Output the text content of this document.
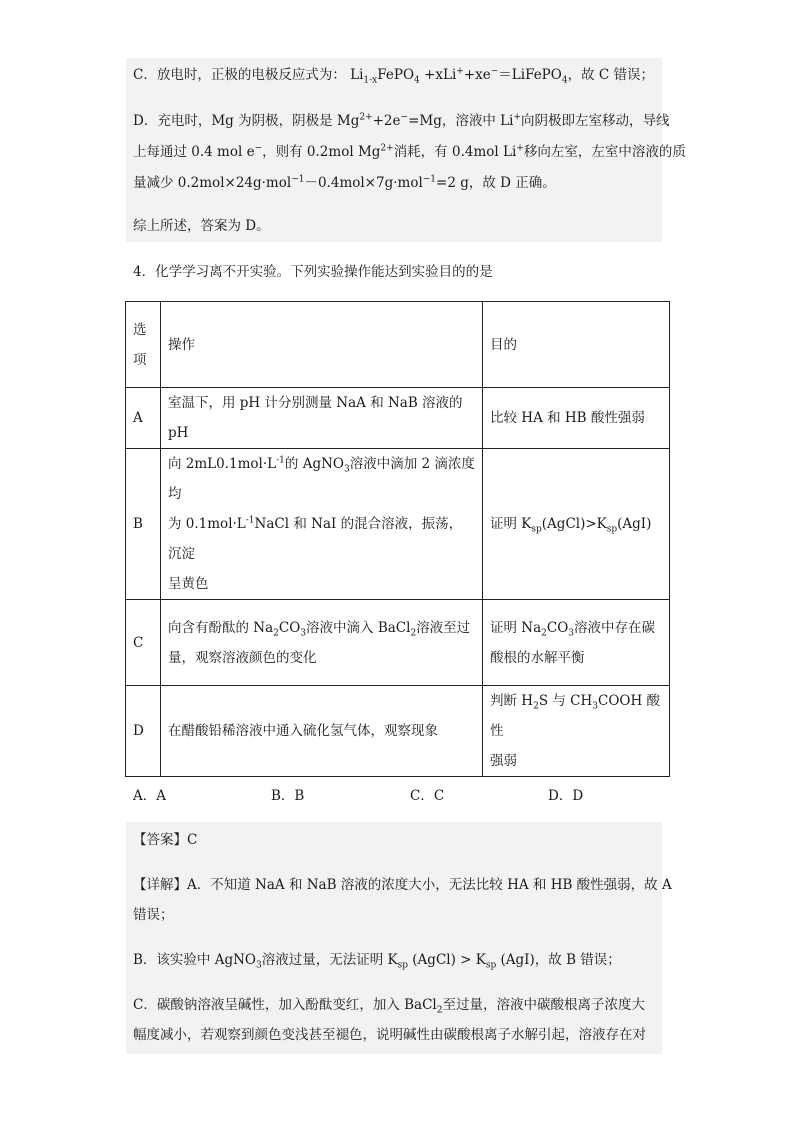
C．放电时，正极的电极反应式为： $Li_{1-x}FePO_4$ +xLi++xe−＝LiFePO$_4$，故 C 错误；
D．充电时，Mg 为阴极，阴极是 $Mg^{2+}+2e^-=Mg$，溶液中 Li+向阴极即左室移动，导线
上每通过 0.4 mol e−，则有 0.2mol $Mg^{2+}$消耗，有 0.4mol Li+移向左室，左室中溶液的质
量减少 0.2mol×24g·mol$^{-1}$－0.4mol×7g·mol$^{-1}$=2 g，故 D 正确。
综上所述，答案为 D。
4．化学学习离不开实验。下列实验操作能达到实验目的的是
选
项	操作	目的
A	室温下，用 pH 计分别测量 NaA 和 NaB 溶液的 pH	比较 HA 和 HB 酸性强弱
B	向 $2mL0.1mol\cdot L^{-1}$的 AgNO$_3$溶液中滴加 2 滴浓度均
为 $0.1mol\cdot L^{-1}NaCl$ 和 NaI 的混合溶液，振荡，沉淀
呈黄色	证明 $K_{sp}(AgCl)>K_{sp}(AgI)$
C	向含有酚酞的 $Na_2CO_3$溶液中滴入 BaCl$_2$溶液至过
量，观察溶液颜色的变化	证明 $Na_2CO_3$溶液中存在碳
酸根的水解平衡
D	在醋酸铅稀溶液中通入硫化氢气体，观察现象	判断 $H_2S$ 与 $CH_3COOH$ 酸性
强弱
A．A	B．B	C．C	D．D
【答案】C
【详解】A．不知道 NaA 和 NaB 溶液的浓度大小，无法比较 HA 和 HB 酸性强弱，故 A
错误；
B．该实验中 AgNO$_3$溶液过量，无法证明 $K_{sp}$ (AgCl) > $K_{sp}$ (AgI)，故 B 错误；
C．碳酸钠溶液呈碱性，加入酚酞变红，加入 BaCl$_2$至过量，溶液中碳酸根离子浓度大
幅度减小，若观察到颜色变浅甚至褪色，说明碱性由碳酸根离子水解引起，溶液存在对
